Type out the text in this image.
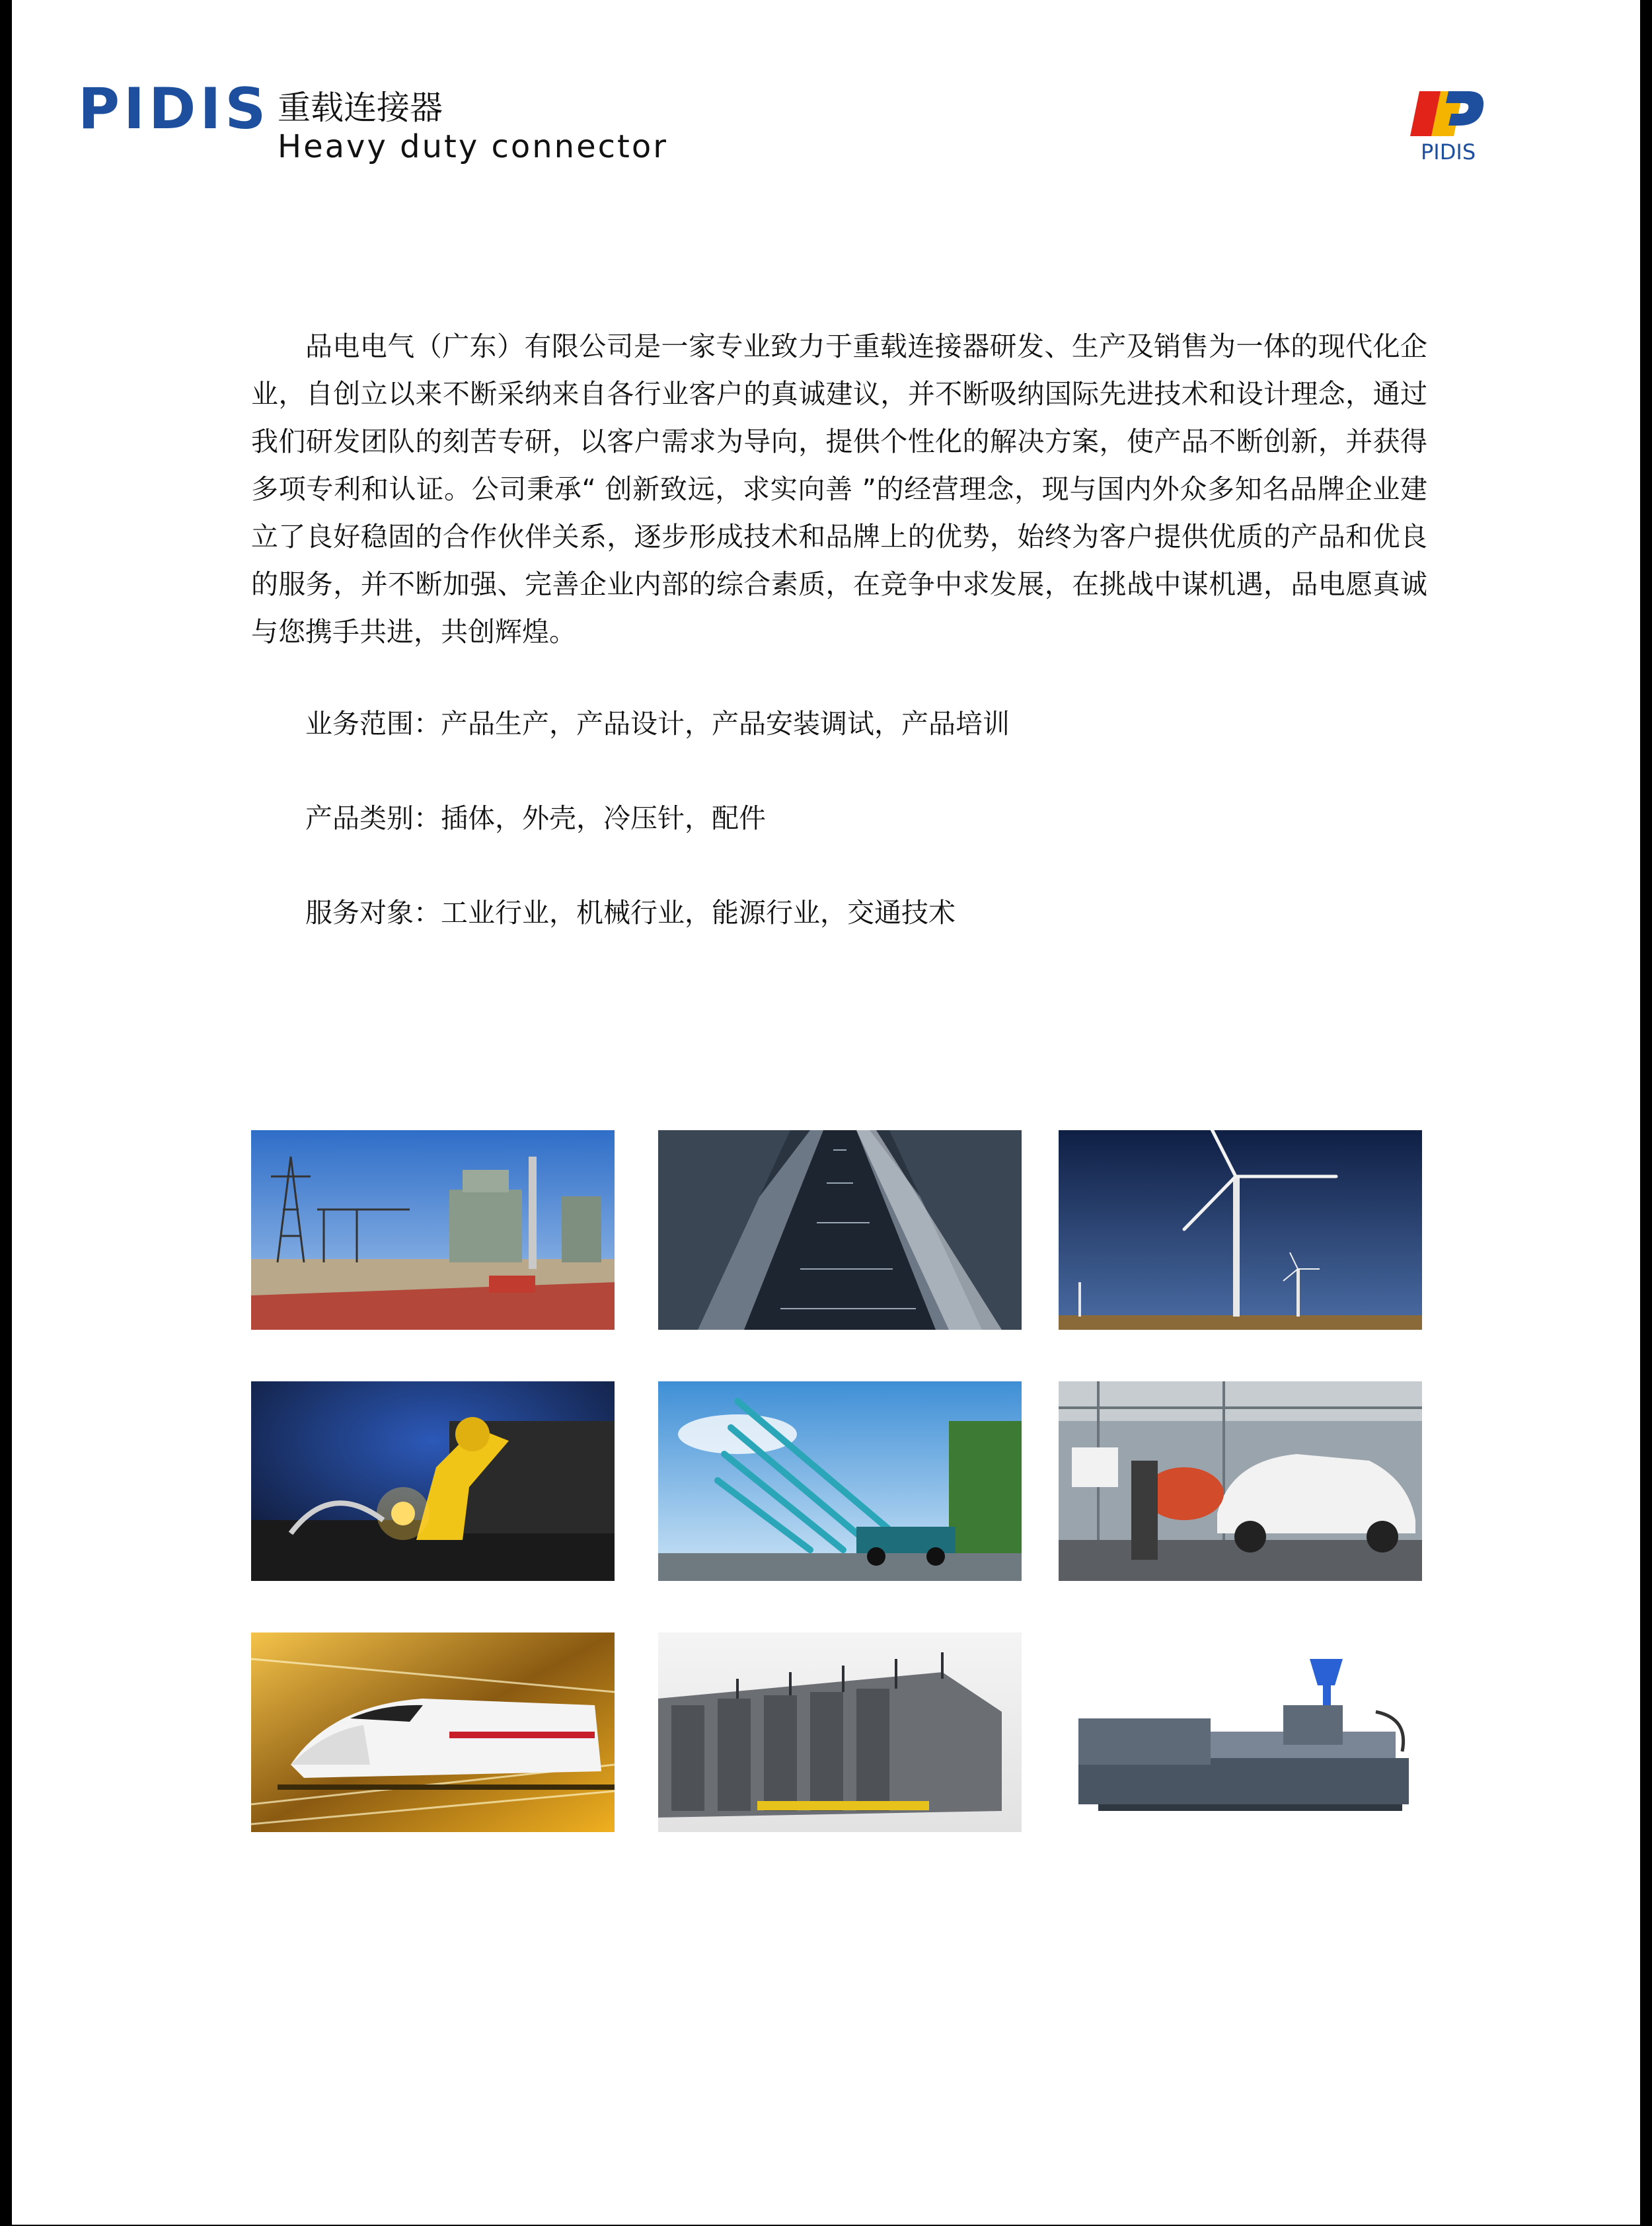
PIDIS 重载连接器
Heavy duty connector	PIDIS

品电电气（广东）有限公司是一家专业致力于重载连接器研发、生产及销售为一体的现代化企业，自创立以来不断采纳来自各行业客户的真诚建议，并不断吸纳国际先进技术和设计理念，通过我们研发团队的刻苦专研，以客户需求为导向，提供个性化的解决方案，使产品不断创新，并获得多项专利和认证。公司秉承“ 创新致远，求实向善 ”的经营理念，现与国内外众多知名品牌企业建立了良好稳固的合作伙伴关系，逐步形成技术和品牌上的优势，始终为客户提供优质的产品和优良的服务，并不断加强、完善企业内部的综合素质，在竞争中求发展，在挑战中谋机遇，品电愿真诚与您携手共进，共创辉煌。

业务范围：产品生产，产品设计，产品安装调试，产品培训

产品类别：插体，外壳，冷压针，配件

服务对象：工业行业，机械行业，能源行业，交通技术
